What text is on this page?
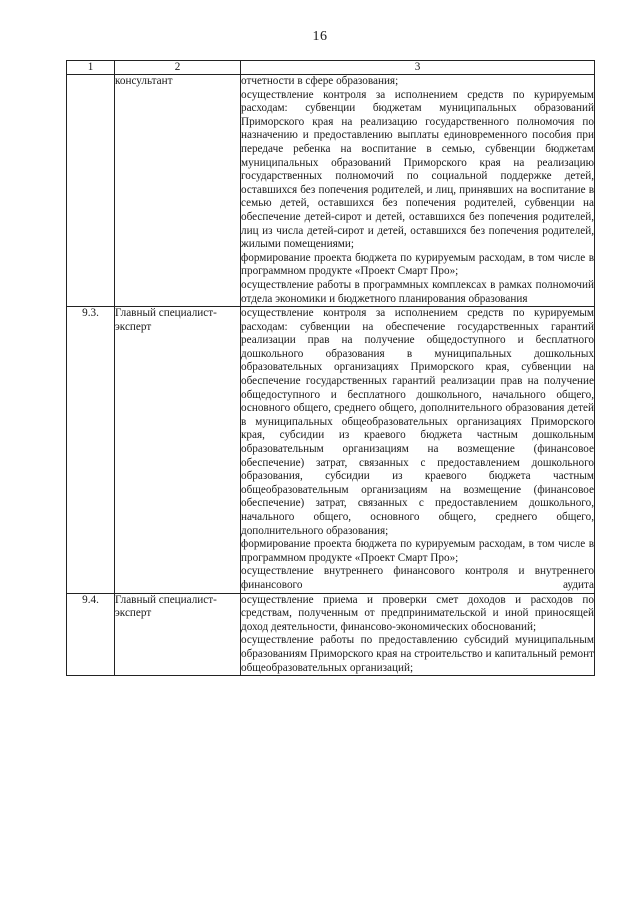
16
1	2	3
	консультант	отчетности в сфере образования;
осуществление контроля за исполнением средств по курируемым расходам: субвенции бюджетам муниципальных образований Приморского края на реализацию государственного полномочия по назначению и предоставлению выплаты единовременного пособия при передаче ребенка на воспитание в семью, субвенции бюджетам муниципальных образований Приморского края на реализацию государственных полномочий по социальной поддержке детей, оставшихся без попечения родителей, и лиц, принявших на воспитание в семью детей, оставшихся без попечения родителей, субвенции на обеспечение детей-сирот и детей, оставшихся без попечения родителей, лиц из числа детей-сирот и детей, оставшихся без попечения родителей, жилыми помещениями;
формирование проекта бюджета по курируемым расходам, в том числе в программном продукте «Проект Смарт Про»;
осуществление работы в программных комплексах в рамках полномочий отдела экономики и бюджетного планирования образования

9.3.	Главный специалист-эксперт	осуществление контроля за исполнением средств по курируемым расходам: субвенции на обеспечение государственных гарантий реализации прав на получение общедоступного и бесплатного дошкольного образования в муниципальных дошкольных образовательных организациях Приморского края, субвенции на обеспечение государственных гарантий реализации прав на получение общедоступного и бесплатного дошкольного, начального общего, основного общего, среднего общего, дополнительного образования детей в муниципальных общеобразовательных организациях Приморского края, субсидии из краевого бюджета частным дошкольным образовательным организациям на возмещение (финансовое обеспечение) затрат, связанных с предоставлением дошкольного образования, субсидии из краевого бюджета частным общеобразовательным организациям на возмещение (финансовое обеспечение) затрат, связанных с предоставлением дошкольного, начального общего, основного общего, среднего общего, дополнительного образования;
формирование проекта бюджета по курируемым расходам, в том числе в программном продукте «Проект Смарт Про»;
осуществление внутреннего финансового контроля и внутреннего финансового аудита

9.4.	Главный специалист-эксперт	осуществление приема и проверки смет доходов и расходов по средствам, полученным от предпринимательской и иной приносящей доход деятельности, финансово-экономических обоснований;
осуществление работы по предоставлению субсидий муниципальным образованиям Приморского края на строительство и капитальный ремонт общеобразовательных организаций;
